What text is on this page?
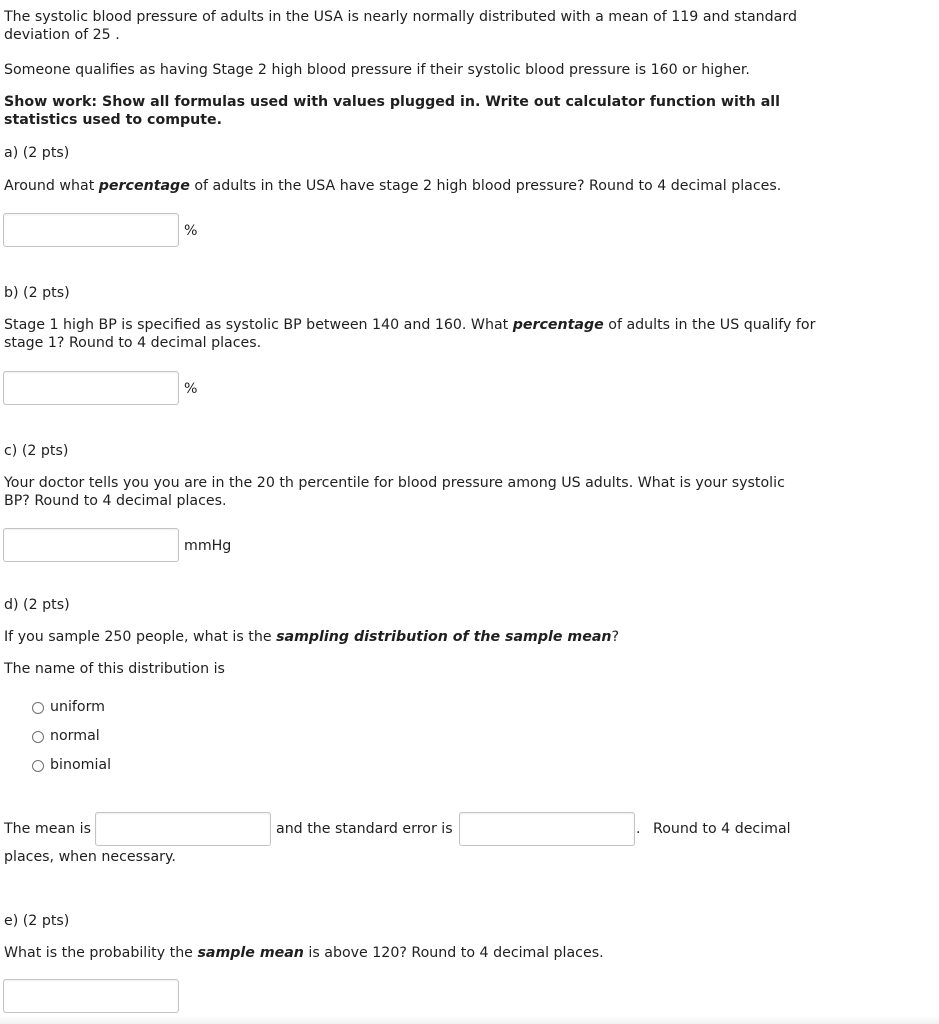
The systolic blood pressure of adults in the USA is nearly normally distributed with a mean of 119 and standard deviation of 25 .

Someone qualifies as having Stage 2 high blood pressure if their systolic blood pressure is 160 or higher.

Show work: Show all formulas used with values plugged in. Write out calculator function with all statistics used to compute.

a) (2 pts)

Around what percentage of adults in the USA have stage 2 high blood pressure? Round to 4 decimal places.

%

b) (2 pts)

Stage 1 high BP is specified as systolic BP between 140 and 160. What percentage of adults in the US qualify for stage 1? Round to 4 decimal places.

%

c) (2 pts)

Your doctor tells you you are in the 20 th percentile for blood pressure among US adults. What is your systolic BP? Round to 4 decimal places.

mmHg

d) (2 pts)

If you sample 250 people, what is the sampling distribution of the sample mean?

The name of this distribution is

uniform
normal
binomial
The mean is	and the standard error is	. Round to 4 decimal
places, when necessary.

e) (2 pts)

What is the probability the sample mean is above 120? Round to 4 decimal places.
